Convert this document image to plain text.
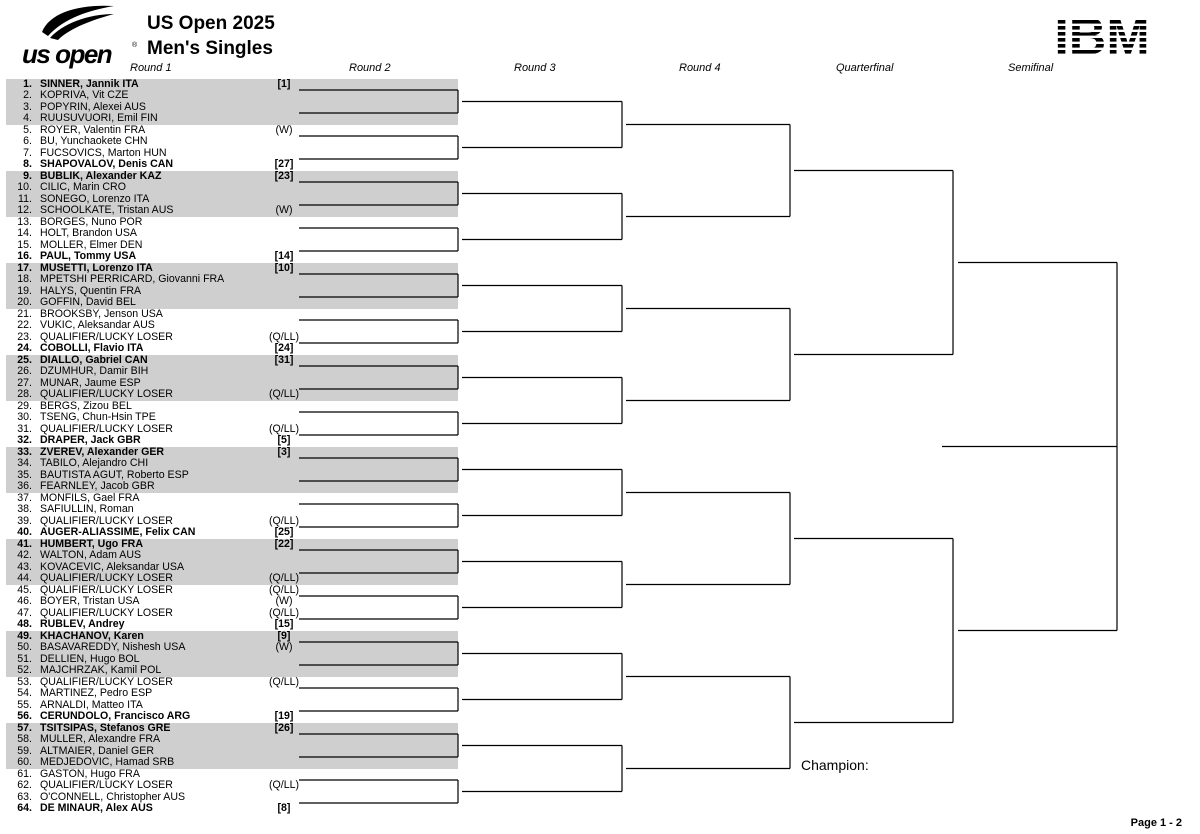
us open	®
US Open 2025
Men's Singles	IBM
Round 1	Round 2	Round 3	Round 4	Quarterfinal	Semifinal
1. SINNER, Jannik ITA	[1]
2. KOPRIVA, Vit CZE
3. POPYRIN, Alexei AUS
4. RUUSUVUORI, Emil FIN
5. ROYER, Valentin FRA	(W)
6. BU, Yunchaokete CHN
7. FUCSOVICS, Marton HUN
8. SHAPOVALOV, Denis CAN	[27]
9. BUBLIK, Alexander KAZ	[23]
10. CILIC, Marin CRO
11. SONEGO, Lorenzo ITA
12. SCHOOLKATE, Tristan AUS	(W)
13. BORGES, Nuno POR
14. HOLT, Brandon USA
15. MOLLER, Elmer DEN
16. PAUL, Tommy USA	[14]
17. MUSETTI, Lorenzo ITA	[10]
18. MPETSHI PERRICARD, Giovanni FRA
19. HALYS, Quentin FRA
20. GOFFIN, David BEL
21. BROOKSBY, Jenson USA
22. VUKIC, Aleksandar AUS
23. QUALIFIER/LUCKY LOSER	(Q/LL)
24. COBOLLI, Flavio ITA	[24]
25. DIALLO, Gabriel CAN	[31]
26. DZUMHUR, Damir BIH
27. MUNAR, Jaume ESP
28. QUALIFIER/LUCKY LOSER	(Q/LL)
29. BERGS, Zizou BEL
30. TSENG, Chun-Hsin TPE
31. QUALIFIER/LUCKY LOSER	(Q/LL)
32. DRAPER, Jack GBR	[5]
33. ZVEREV, Alexander GER	[3]
34. TABILO, Alejandro CHI
35. BAUTISTA AGUT, Roberto ESP
36. FEARNLEY, Jacob GBR
37. MONFILS, Gael FRA
38. SAFIULLIN, Roman
39. QUALIFIER/LUCKY LOSER	(Q/LL)
40. AUGER-ALIASSIME, Felix CAN	[25]
41. HUMBERT, Ugo FRA	[22]
42. WALTON, Adam AUS
43. KOVACEVIC, Aleksandar USA
44. QUALIFIER/LUCKY LOSER	(Q/LL)
45. QUALIFIER/LUCKY LOSER	(Q/LL)
46. BOYER, Tristan USA	(W)
47. QUALIFIER/LUCKY LOSER	(Q/LL)
48. RUBLEV, Andrey	[15]
49. KHACHANOV, Karen	[9]
50. BASAVAREDDY, Nishesh USA	(W)
51. DELLIEN, Hugo BOL
52. MAJCHRZAK, Kamil POL
53. QUALIFIER/LUCKY LOSER	(Q/LL)
54. MARTINEZ, Pedro ESP
55. ARNALDI, Matteo ITA
56. CERUNDOLO, Francisco ARG	[19]
57. TSITSIPAS, Stefanos GRE	[26]
58. MULLER, Alexandre FRA
59. ALTMAIER, Daniel GER
60. MEDJEDOVIC, Hamad SRB
61. GASTON, Hugo FRA
62. QUALIFIER/LUCKY LOSER	(Q/LL)
63. O'CONNELL, Christopher AUS
64. DE MINAUR, Alex AUS	[8]
Champion:
Page 1 - 2
